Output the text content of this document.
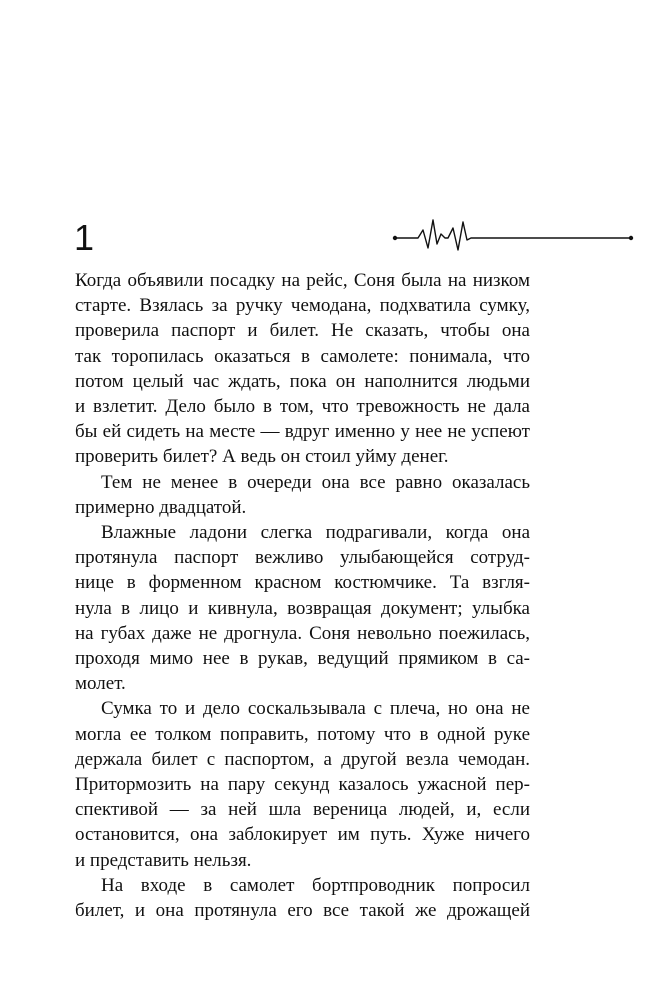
1

Когда объявили посадку на рейс, Соня была на низком
старте. Взялась за ручку чемодана, подхватила сумку,
проверила паспорт и билет. Не сказать, чтобы она
так торопилась оказаться в самолете: понимала, что
потом целый час ждать, пока он наполнится людьми
и взлетит. Дело было в том, что тревожность не дала
бы ей сидеть на месте — вдруг именно у нее не успеют
проверить билет? А ведь он стоил уйму денег.

Тем не менее в очереди она все равно оказалась
примерно двадцатой.

Влажные ладони слегка подрагивали, когда она
протянула паспорт вежливо улыбающейся сотруд-
нице в форменном красном костюмчике. Та взгля-
нула в лицо и кивнула, возвращая документ; улыбка
на губах даже не дрогнула. Соня невольно поежилась,
проходя мимо нее в рукав, ведущий прямиком в са-
молет.

Сумка то и дело соскальзывала с плеча, но она не
могла ее толком поправить, потому что в одной руке
держала билет с паспортом, а другой везла чемодан.
Притормозить на пару секунд казалось ужасной пер-
спективой — за ней шла вереница людей, и, если
остановится, она заблокирует им путь. Хуже ничего
и представить нельзя.

На входе в самолет бортпроводник попросил
билет, и она протянула его все такой же дрожащей
